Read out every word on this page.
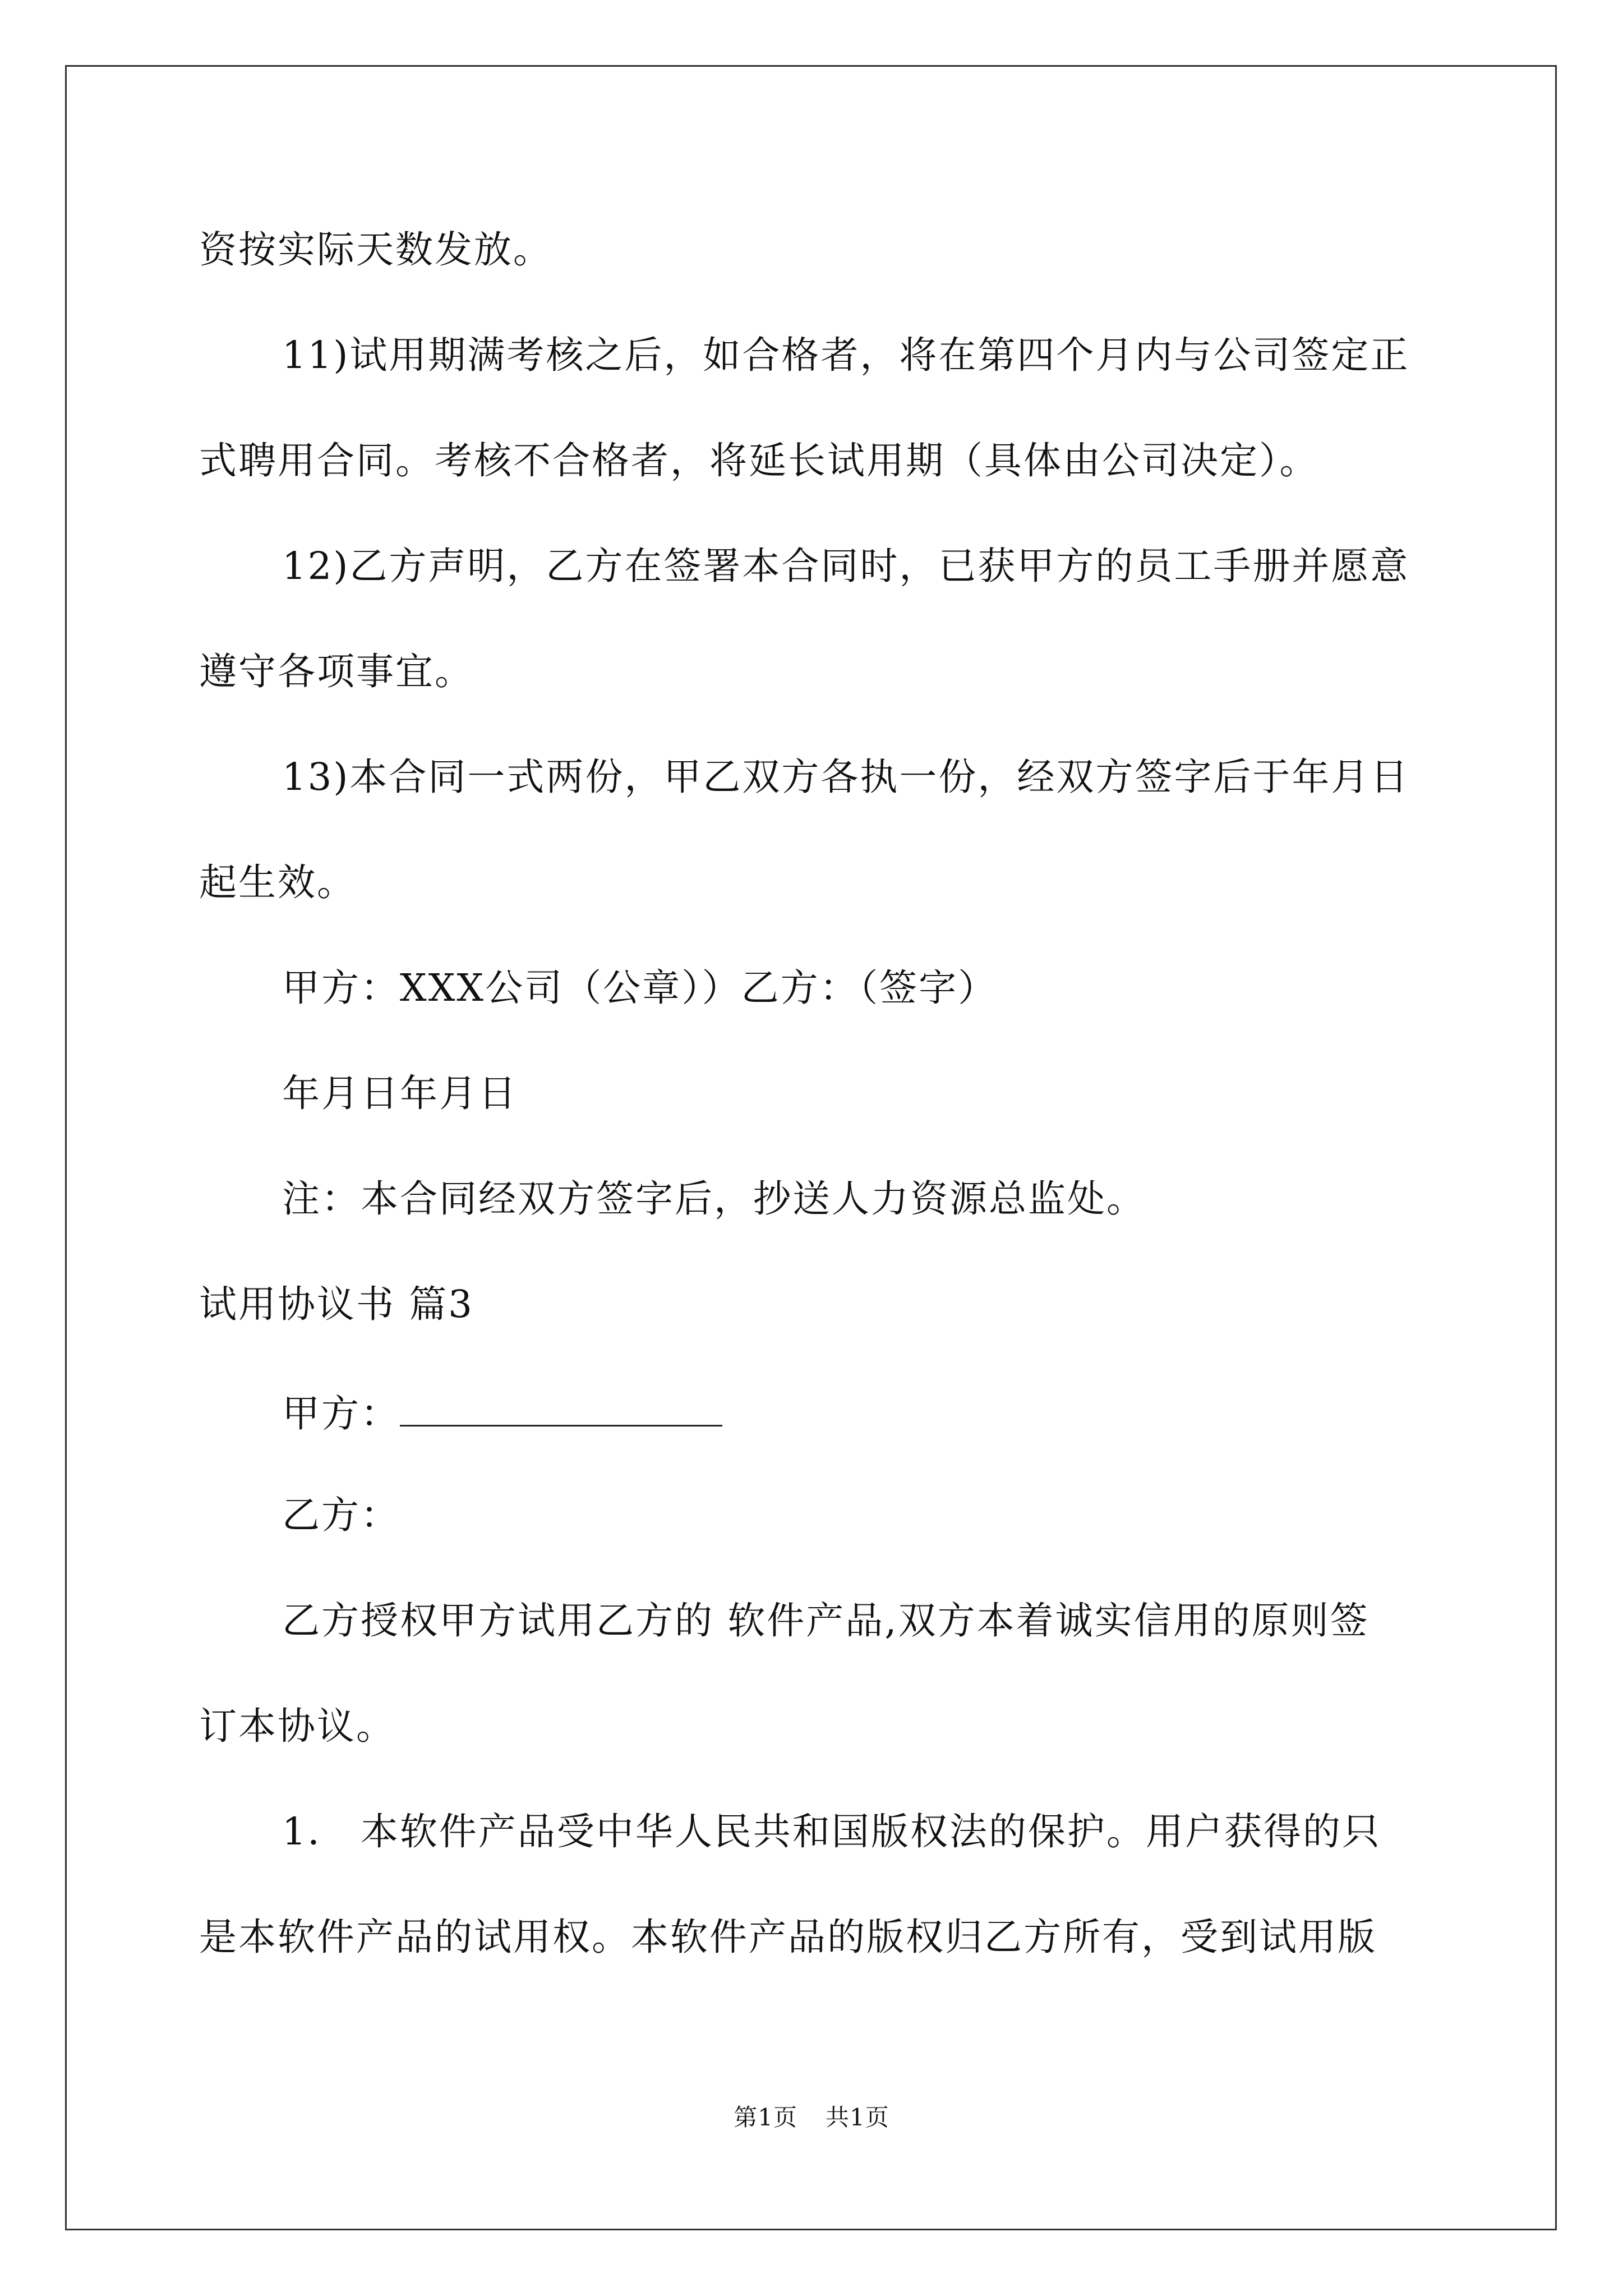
资按实际天数发放。
11)试用期满考核之后，如合格者，将在第四个月内与公司签定正
式聘用合同。考核不合格者，将延长试用期（具体由公司决定）。
12)乙方声明，乙方在签署本合同时，已获甲方的员工手册并愿意
遵守各项事宜。
13)本合同一式两份，甲乙双方各执一份，经双方签字后于年月日
起生效。
甲方：XXX公司（公章））乙方：（签字）
年月日年月日
注：本合同经双方签字后，抄送人力资源总监处。
试用协议书 篇3
甲方：
乙方：
乙方授权甲方试用乙方的 软件产品,双方本着诚实信用的原则签
订本协议。
1． 本软件产品受中华人民共和国版权法的保护。用户获得的只
是本软件产品的试用权。本软件产品的版权归乙方所有，受到试用版
第1页 共1页
